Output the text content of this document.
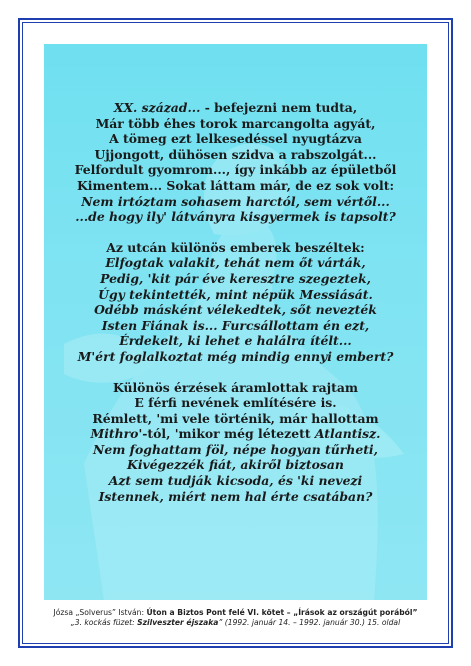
XX. század... - befejezni nem tudta,
Már több éhes torok marcangolta agyát,
A tömeg ezt lelkesedéssel nyugtázva
Ujjongott, dühösen szidva a rabszolgát...
Felfordult gyomrom..., így inkább az épületből
Kimentem... Sokat láttam már, de ez sok volt:
Nem irtóztam sohasem harctól, sem vértől...
...de hogy ily' látványra kisgyermek is tapsolt?
Az utcán különös emberek beszéltek:
Elfogtak valakit, tehát nem őt várták,
Pedig, 'kit pár éve keresztre szegeztek,
Úgy tekintették, mint népük Messiását.
Odébb másként vélekedtek, sőt nevezték
Isten Fiának is... Furcsállottam én ezt,
Érdekelt, ki lehet e halálra ítélt...
M'ért foglalkoztat még mindig ennyi embert?
Különös érzések áramlottak rajtam
E férfi nevének említésére is.
Rémlett, 'mi vele történik, már hallottam
Mithro'-tól, 'mikor még létezett Atlantisz.
Nem foghattam föl, népe hogyan tűrheti,
Kivégezzék fiát, akiről biztosan
Azt sem tudják kicsoda, és 'ki nevezi
Istennek, miért nem hal érte csatában?
Józsa „Solverus” István: Úton a Biztos Pont felé VI. kötet – „Írások az országút porából”
„3. kockás füzet: Szilveszter éjszaka” (1992. január 14. – 1992. január 30.) 15. oldal
